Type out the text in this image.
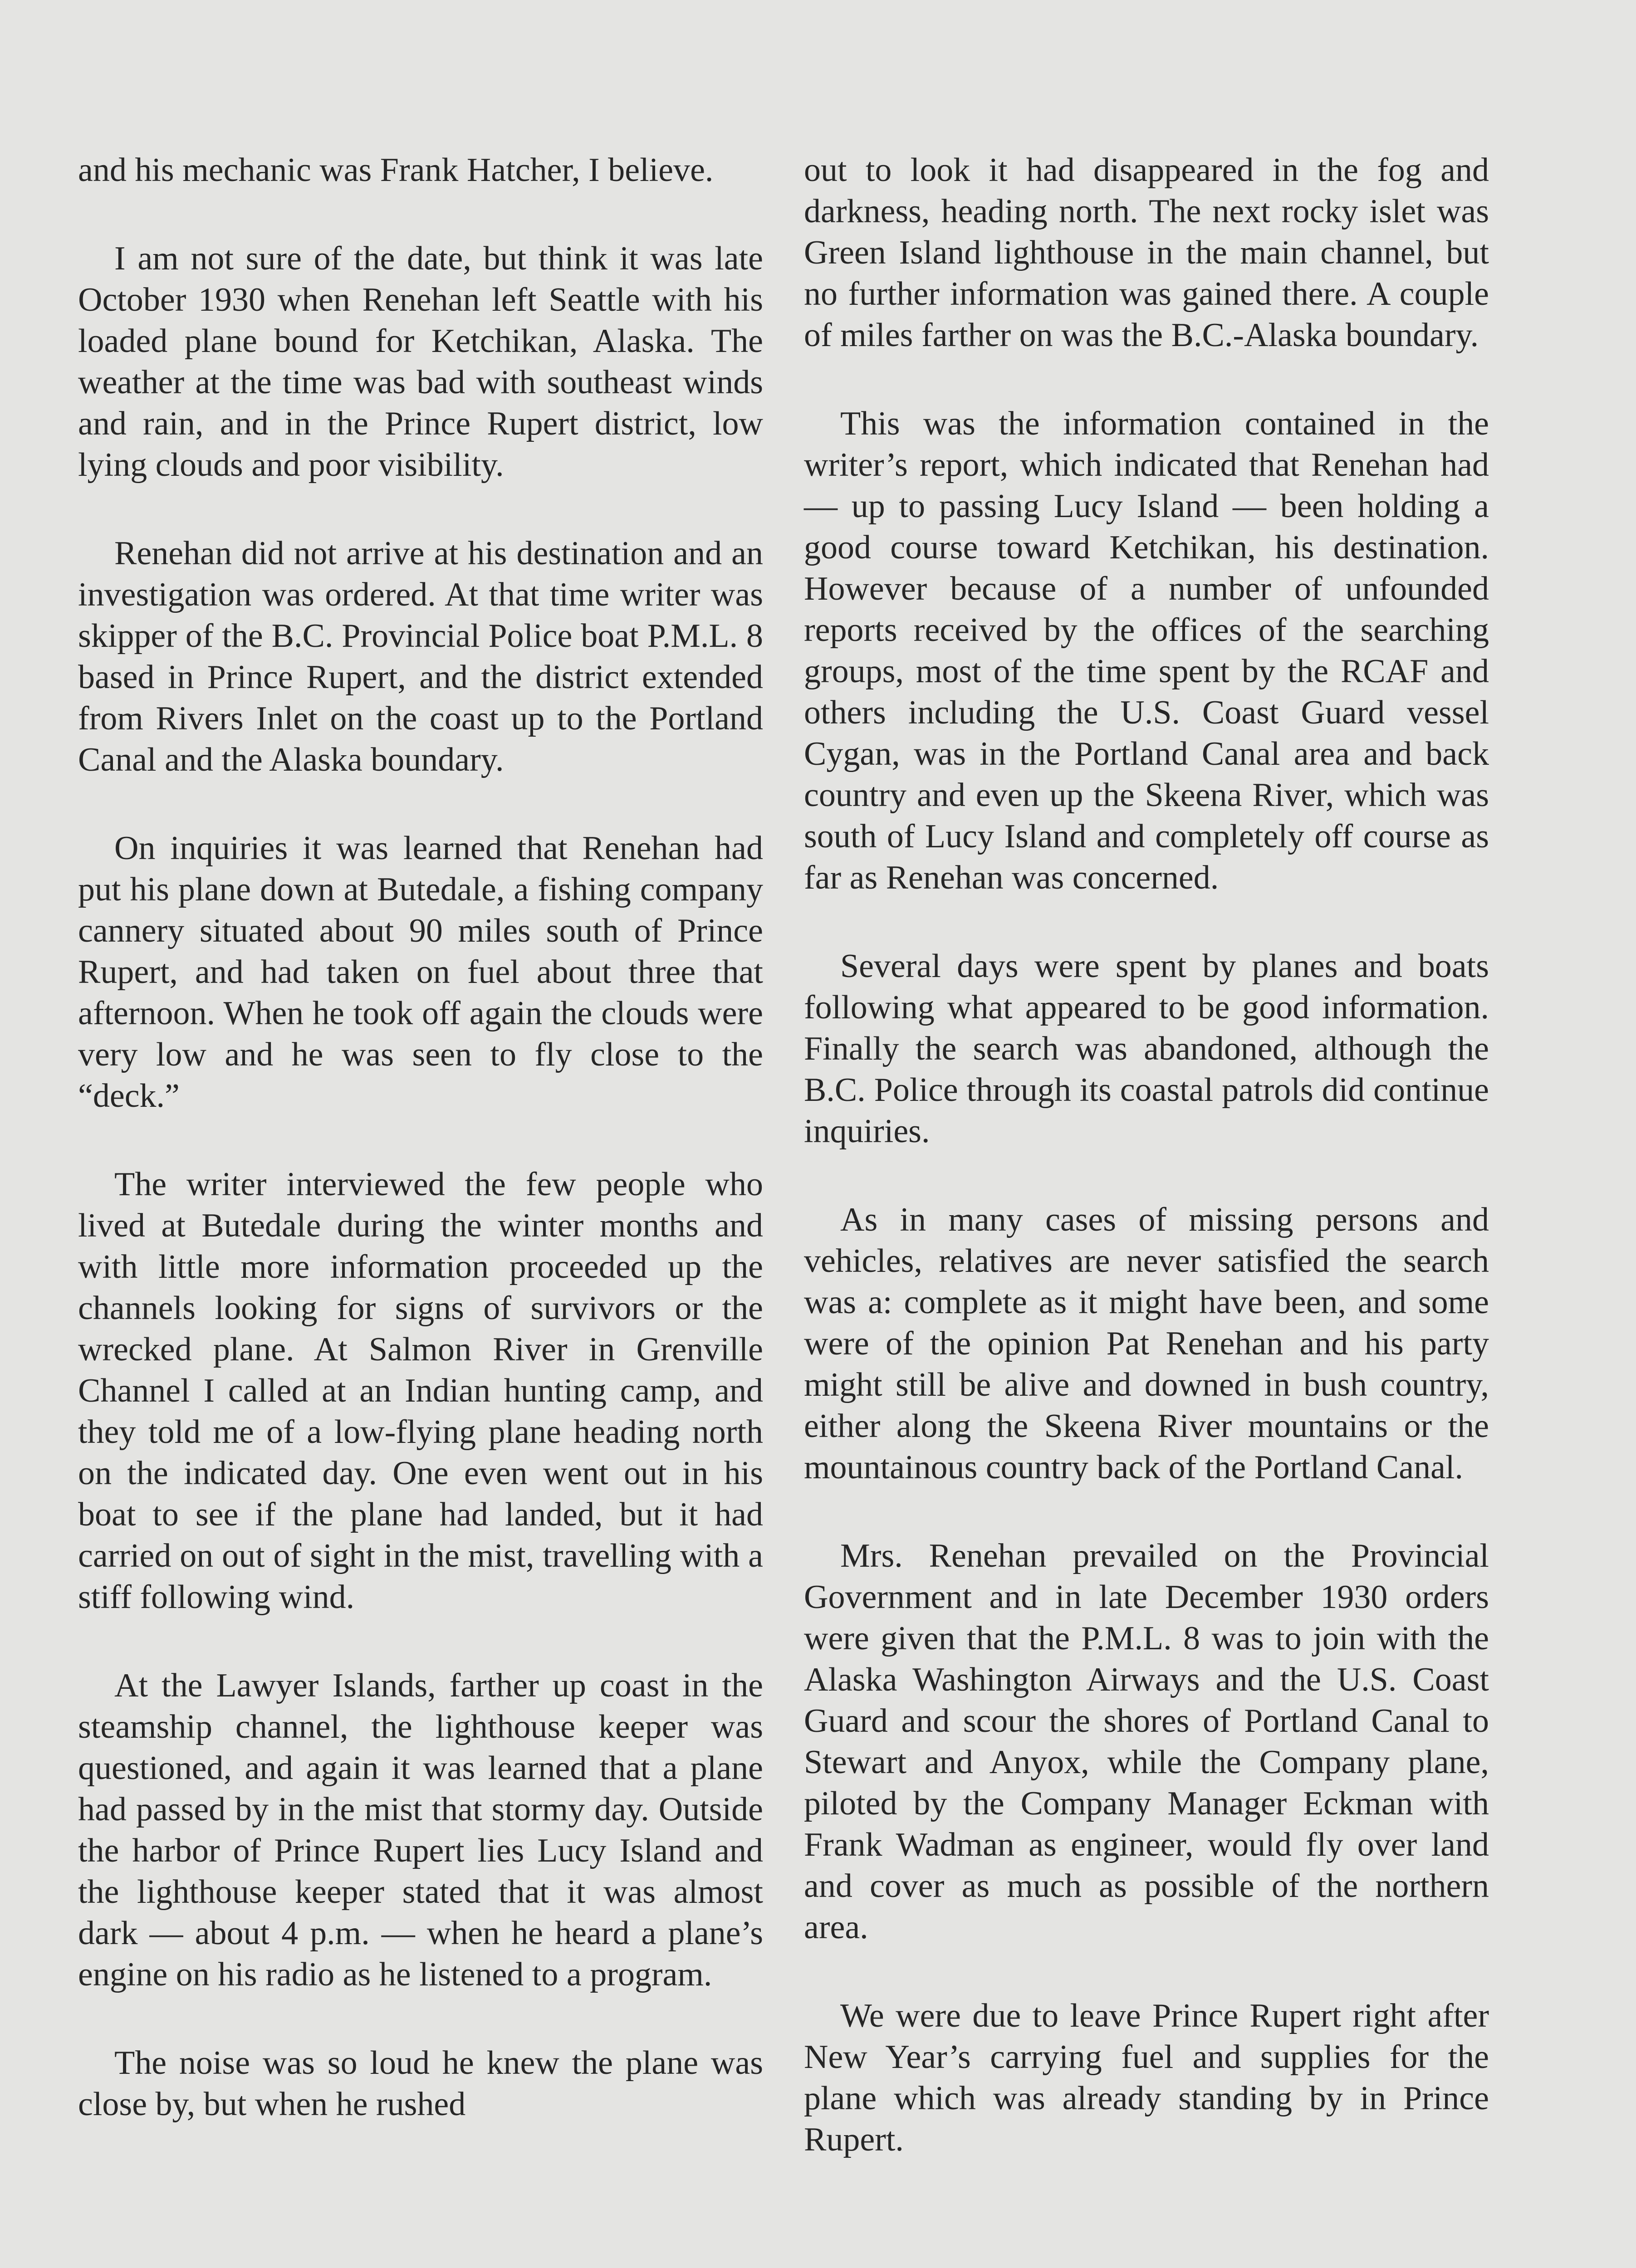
and his mechanic was Frank Hatcher, I believe.

I am not sure of the date, but think it was late October 1930 when Renehan left Seattle with his loaded plane bound for Ketchikan, Alaska. The weather at the time was bad with southeast winds and rain, and in the Prince Rupert district, low lying clouds and poor visibility.

Renehan did not arrive at his destination and an investigation was ordered. At that time writer was skipper of the B.C. Provincial Police boat P.M.L. 8 based in Prince Rupert, and the district extended from Rivers Inlet on the coast up to the Portland Canal and the Alaska boundary.

On inquiries it was learned that Renehan had put his plane down at Butedale, a fishing company cannery situated about 90 miles south of Prince Rupert, and had taken on fuel about three that afternoon. When he took off again the clouds were very low and he was seen to fly close to the “deck.”

The writer interviewed the few people who lived at Butedale during the winter months and with little more information proceeded up the channels looking for signs of survivors or the wrecked plane. At Salmon River in Grenville Channel I called at an Indian hunting camp, and they told me of a low-flying plane heading north on the indicated day. One even went out in his boat to see if the plane had landed, but it had carried on out of sight in the mist, travelling with a stiff following wind.

At the Lawyer Islands, farther up coast in the steamship channel, the lighthouse keeper was questioned, and again it was learned that a plane had passed by in the mist that stormy day. Outside the harbor of Prince Rupert lies Lucy Island and the lighthouse keeper stated that it was almost dark — about 4 p.m. — when he heard a plane’s engine on his radio as he listened to a program.

The noise was so loud he knew the plane was close by, but when he rushed

out to look it had disappeared in the fog and darkness, heading north. The next rocky islet was Green Island lighthouse in the main channel, but no further information was gained there. A couple of miles farther on was the B.C.-Alaska boundary.

This was the information contained in the writer’s report, which indicated that Renehan had — up to passing Lucy Island — been holding a good course toward Ketchikan, his destination. However because of a number of unfounded reports received by the offices of the searching groups, most of the time spent by the RCAF and others including the U.S. Coast Guard vessel Cygan, was in the Portland Canal area and back country and even up the Skeena River, which was south of Lucy Island and completely off course as far as Renehan was concerned.

Several days were spent by planes and boats following what appeared to be good information. Finally the search was abandoned, although the B.C. Police through its coastal patrols did continue inquiries.

As in many cases of missing persons and vehicles, relatives are never satisfied the search was a: complete as it might have been, and some were of the opinion Pat Renehan and his party might still be alive and downed in bush country, either along the Skeena River mountains or the mountainous country back of the Portland Canal.

Mrs. Renehan prevailed on the Provincial Government and in late December 1930 orders were given that the P.M.L. 8 was to join with the Alaska Washington Airways and the U.S. Coast Guard and scour the shores of Portland Canal to Stewart and Anyox, while the Company plane, piloted by the Company Manager Eckman with Frank Wadman as engineer, would fly over land and cover as much as possible of the northern area.

We were due to leave Prince Rupert right after New Year’s carrying fuel and supplies for the plane which was already standing by in Prince Rupert.
